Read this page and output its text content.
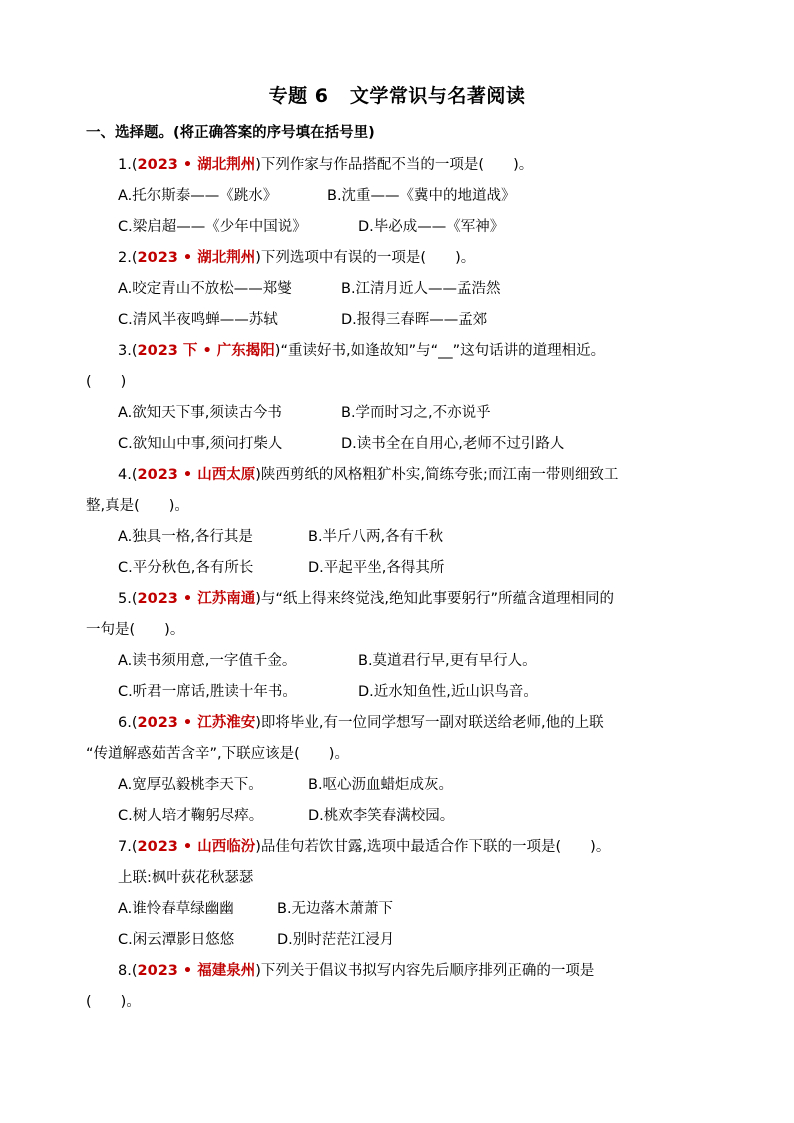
专题 6   文学常识与名著阅读
一、选择题。(将正确答案的序号填在括号里)
1.(2023 • 湖北荆州)下列作家与作品搭配不当的一项是(　　)。
A.托尔斯泰——《跳水》	B.沈重——《冀中的地道战》
C.梁启超——《少年中国说》	D.毕必成——《军神》
2.(2023 • 湖北荆州)下列选项中有误的一项是(　　)。
A.咬定青山不放松——郑燮	B.江清月近人——孟浩然
C.清风半夜鸣蝉——苏轼	D.报得三春晖——孟郊
3.(2023 下 • 广东揭阳)“重读好书,如逢故知”与“__”这句话讲的道理相近。
(　　)
A.欲知天下事,须读古今书	B.学而时习之,不亦说乎
C.欲知山中事,须问打柴人	D.读书全在自用心,老师不过引路人
4.(2023 • 山西太原)陕西剪纸的风格粗犷朴实,简练夸张;而江南一带则细致工
整,真是(　　)。
A.独具一格,各行其是	B.半斤八两,各有千秋
C.平分秋色,各有所长	D.平起平坐,各得其所
5.(2023 • 江苏南通)与“纸上得来终觉浅,绝知此事要躬行”所蕴含道理相同的
一句是(　　)。
A.读书须用意,一字值千金。	B.莫道君行早,更有早行人。
C.听君一席话,胜读十年书。	D.近水知鱼性,近山识鸟音。
6.(2023 • 江苏淮安)即将毕业,有一位同学想写一副对联送给老师,他的上联
“传道解惑茹苦含辛”,下联应该是(　　)。
A.宽厚弘毅桃李天下。	B.呕心沥血蜡炬成灰。
C.树人培才鞠躬尽瘁。	D.桃欢李笑春满校园。
7.(2023 • 山西临汾)品佳句若饮甘露,选项中最适合作下联的一项是(　　)。
上联:枫叶荻花秋瑟瑟
A.谁怜春草绿幽幽	B.无边落木萧萧下
C.闲云潭影日悠悠	D.别时茫茫江浸月
8.(2023 • 福建泉州)下列关于倡议书拟写内容先后顺序排列正确的一项是
(　　)。
